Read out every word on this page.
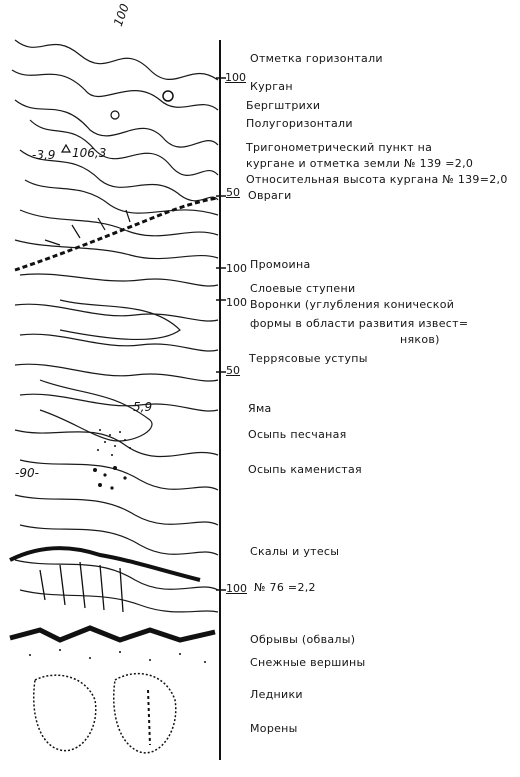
100
-3,9 106,3
5,9
-90-
100
50
100
100
50
100
Отметка горизонтали
Курган
Бергштрихи
Полугоризонтали
Тригонометрический пункт на
кургане и отметка земли № 139 =2,0
Относительная высота кургана № 139=2,0
Овраги
Промоина
Слоевые ступени
Воронки (углубления конической
формы в области развития извест=
няков)
Террясовые уступы
Яма
Осыпь песчаная
Осыпь каменистая
Скалы и утесы
№ 76 =2,2
Обрывы (обвалы)
Снежные вершины
Ледники
Морены
